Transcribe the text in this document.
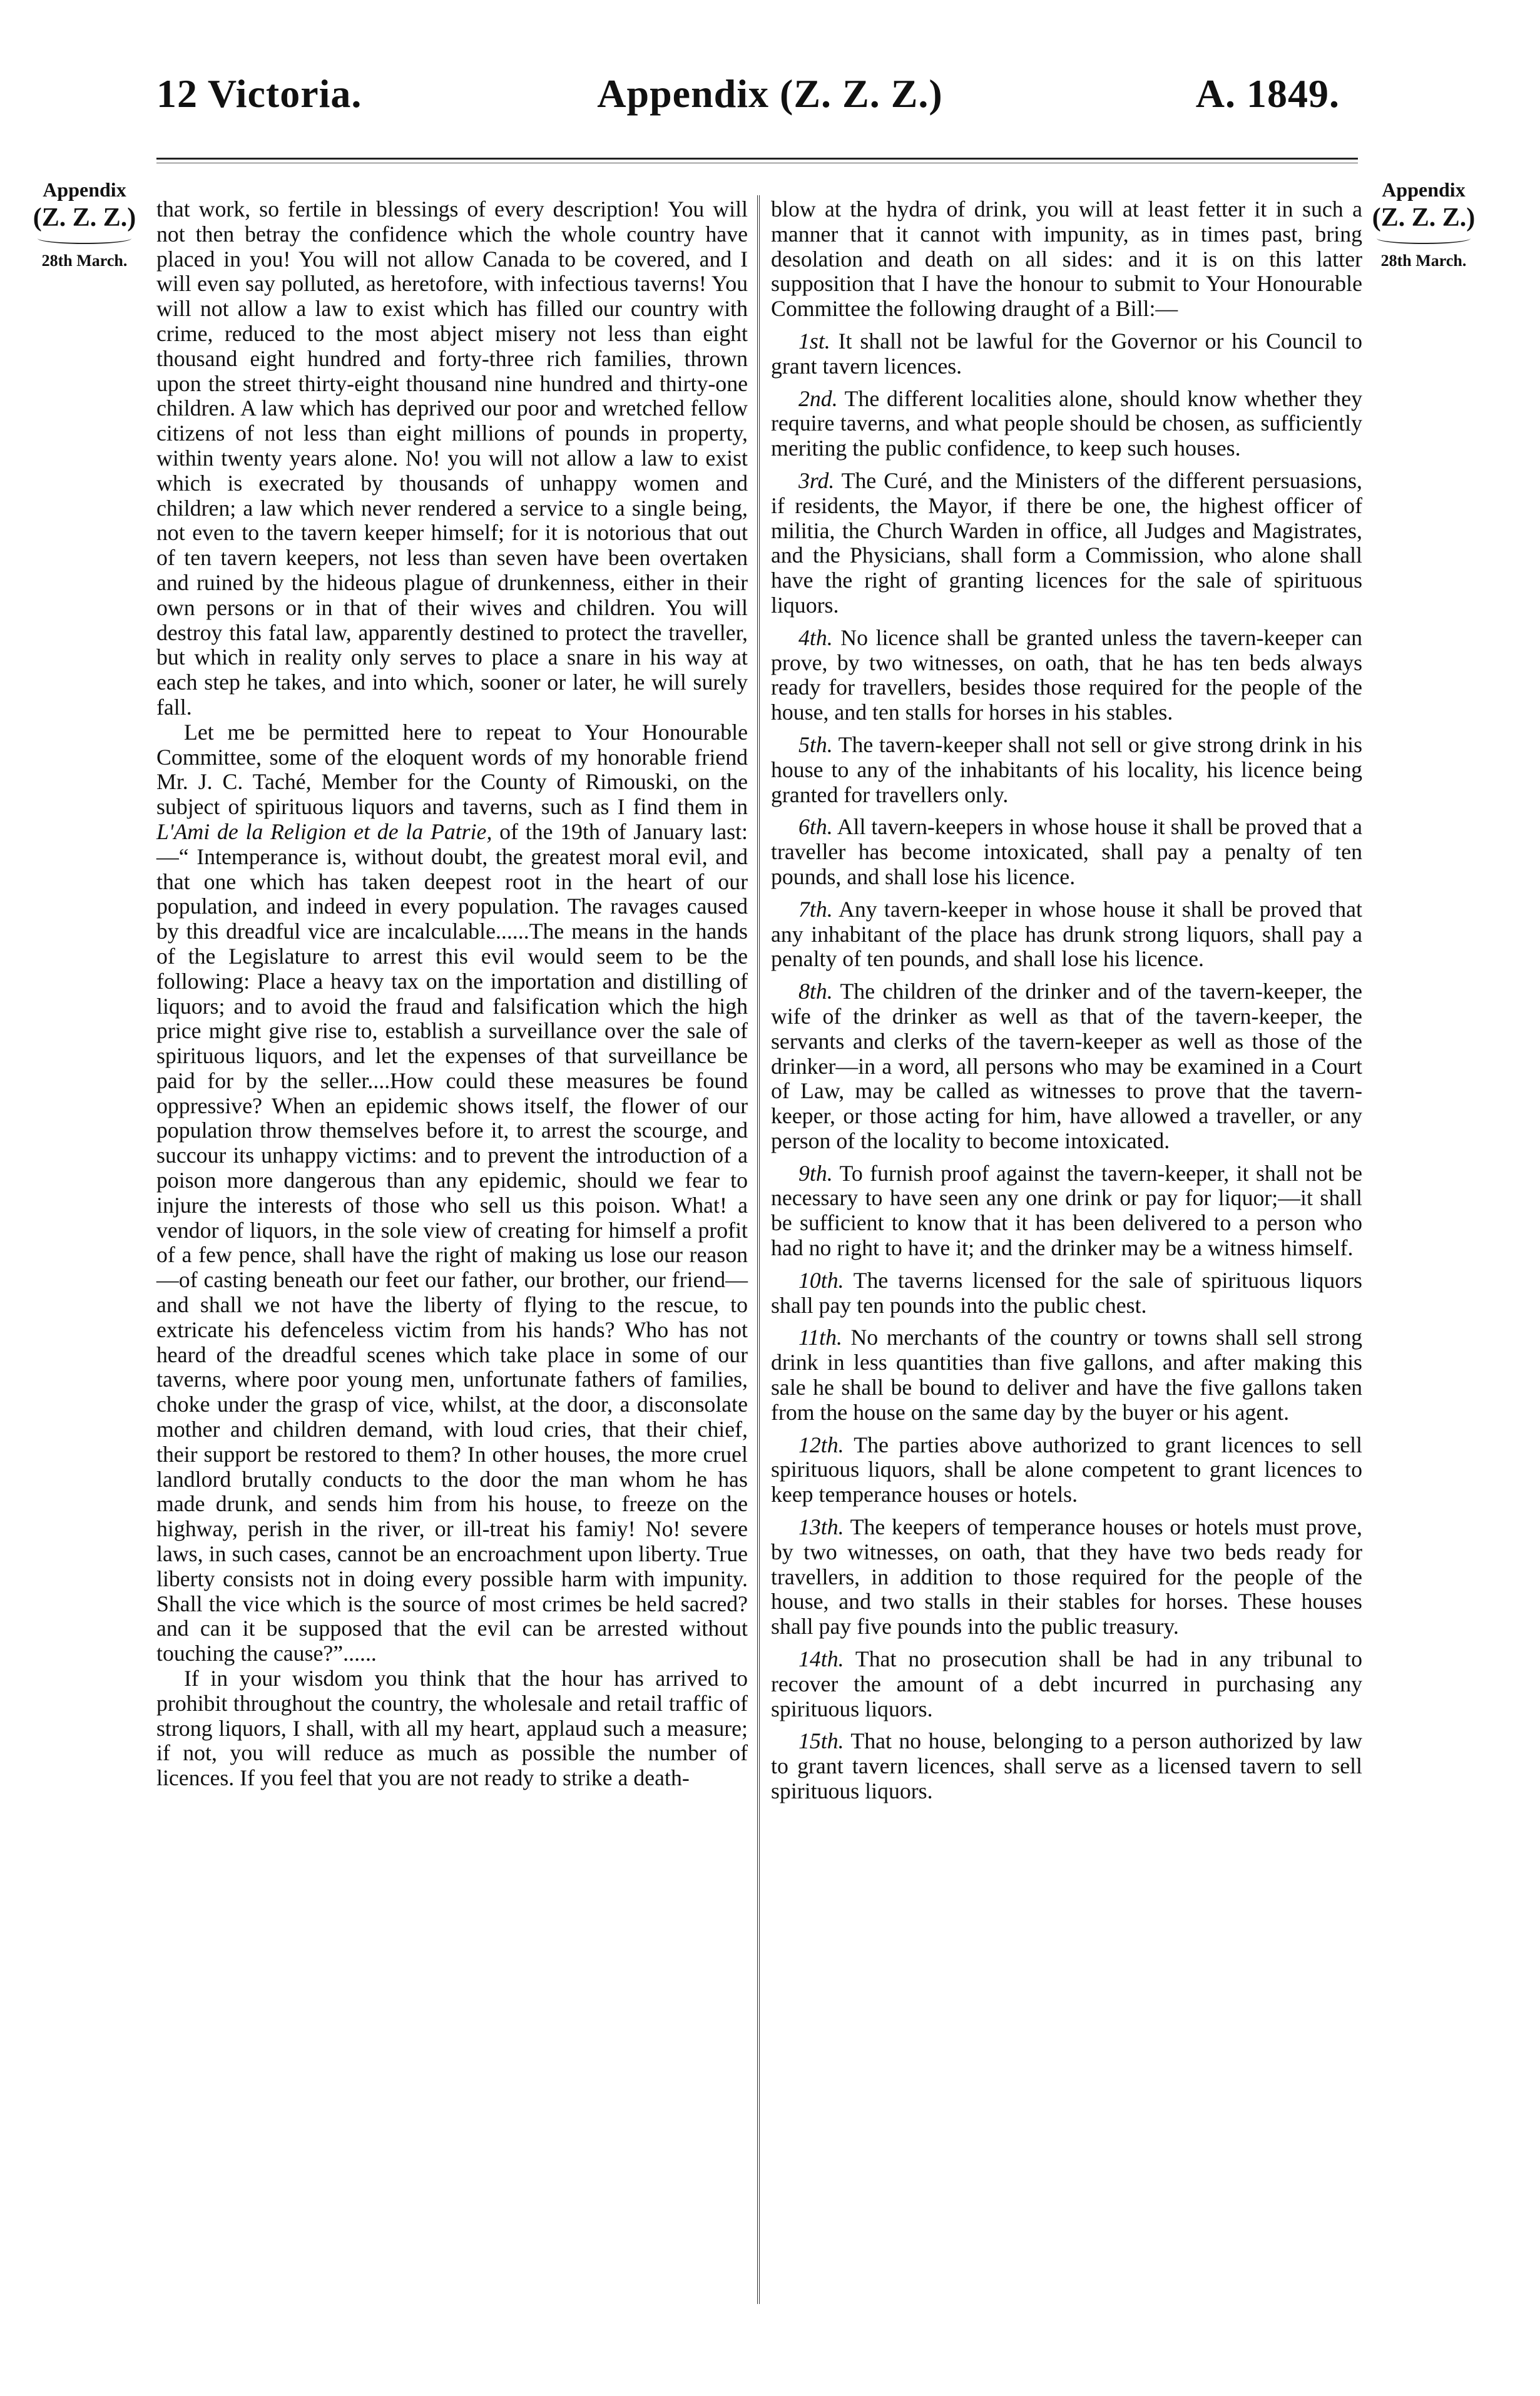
Appendix (Z. Z. Z.)
12 Victoria.	A. 1849.
Appendix
(Z. Z. Z.)
28th March.
Appendix
(Z. Z. Z.)
28th March.

that work, so fertile in blessings of every description! You will not then betray the confidence which the whole country have placed in you! You will not allow Canada to be covered, and I will even say polluted, as heretofore, with infectious taverns! You will not allow a law to exist which has filled our country with crime, reduced to the most abject misery not less than eight thousand eight hundred and forty-three rich families, thrown upon the street thirty-eight thousand nine hundred and thirty-one children. A law which has deprived our poor and wretched fellow citizens of not less than eight millions of pounds in property, within twenty years alone. No! you will not allow a law to exist which is execrated by thousands of unhappy women and children; a law which never rendered a service to a single being, not even to the tavern keeper himself; for it is notorious that out of ten tavern keepers, not less than seven have been overtaken and ruined by the hideous plague of drunkenness, either in their own persons or in that of their wives and children. You will destroy this fatal law, apparently destined to protect the traveller, but which in reality only serves to place a snare in his way at each step he takes, and into which, sooner or later, he will surely fall.

Let me be permitted here to repeat to Your Honourable Committee, some of the eloquent words of my honorable friend Mr. J. C. Taché, Member for the County of Rimouski, on the subject of spirituous liquors and taverns, such as I find them in L'Ami de la Religion et de la Patrie, of the 19th of January last:—“ Intemperance is, without doubt, the greatest moral evil, and that one which has taken deepest root in the heart of our population, and indeed in every population. The ravages caused by this dreadful vice are incalculable......The means in the hands of the Legislature to arrest this evil would seem to be the following: Place a heavy tax on the importation and distilling of liquors; and to avoid the fraud and falsification which the high price might give rise to, establish a surveillance over the sale of spirituous liquors, and let the expenses of that surveillance be paid for by the seller....How could these measures be found oppressive? When an epidemic shows itself, the flower of our population throw themselves before it, to arrest the scourge, and succour its unhappy victims: and to prevent the introduction of a poison more dangerous than any epidemic, should we fear to injure the interests of those who sell us this poison. What! a vendor of liquors, in the sole view of creating for himself a profit of a few pence, shall have the right of making us lose our reason—of casting beneath our feet our father, our brother, our friend—and shall we not have the liberty of flying to the rescue, to extricate his defenceless victim from his hands? Who has not heard of the dreadful scenes which take place in some of our taverns, where poor young men, unfortunate fathers of families, choke under the grasp of vice, whilst, at the door, a disconsolate mother and children demand, with loud cries, that their chief, their support be restored to them? In other houses, the more cruel landlord brutally conducts to the door the man whom he has made drunk, and sends him from his house, to freeze on the highway, perish in the river, or ill-treat his famiy! No! severe laws, in such cases, cannot be an encroachment upon liberty. True liberty consists not in doing every possible harm with impunity. Shall the vice which is the source of most crimes be held sacred? and can it be supposed that the evil can be arrested without touching the cause?”......

If in your wisdom you think that the hour has arrived to prohibit throughout the country, the wholesale and retail traffic of strong liquors, I shall, with all my heart, applaud such a measure; if not, you will reduce as much as possible the number of licences. If you feel that you are not ready to strike a death-

blow at the hydra of drink, you will at least fetter it in such a manner that it cannot with impunity, as in times past, bring desolation and death on all sides: and it is on this latter supposition that I have the honour to submit to Your Honourable Committee the following draught of a Bill:—

1st. It shall not be lawful for the Governor or his Council to grant tavern licences.

2nd. The different localities alone, should know whether they require taverns, and what people should be chosen, as sufficiently meriting the public confidence, to keep such houses.

3rd. The Curé, and the Ministers of the different persuasions, if residents, the Mayor, if there be one, the highest officer of militia, the Church Warden in office, all Judges and Magistrates, and the Physicians, shall form a Commission, who alone shall have the right of granting licences for the sale of spirituous liquors.

4th. No licence shall be granted unless the tavern-keeper can prove, by two witnesses, on oath, that he has ten beds always ready for travellers, besides those required for the people of the house, and ten stalls for horses in his stables.

5th. The tavern-keeper shall not sell or give strong drink in his house to any of the inhabitants of his locality, his licence being granted for travellers only.

6th. All tavern-keepers in whose house it shall be proved that a traveller has become intoxicated, shall pay a penalty of ten pounds, and shall lose his licence.

7th. Any tavern-keeper in whose house it shall be proved that any inhabitant of the place has drunk strong liquors, shall pay a penalty of ten pounds, and shall lose his licence.

8th. The children of the drinker and of the tavern-keeper, the wife of the drinker as well as that of the tavern-keeper, the servants and clerks of the tavern-keeper as well as those of the drinker—in a word, all persons who may be examined in a Court of Law, may be called as witnesses to prove that the tavern-keeper, or those acting for him, have allowed a traveller, or any person of the locality to become intoxicated.

9th. To furnish proof against the tavern-keeper, it shall not be necessary to have seen any one drink or pay for liquor;—it shall be sufficient to know that it has been delivered to a person who had no right to have it; and the drinker may be a witness himself.

10th. The taverns licensed for the sale of spirituous liquors shall pay ten pounds into the public chest.

11th. No merchants of the country or towns shall sell strong drink in less quantities than five gallons, and after making this sale he shall be bound to deliver and have the five gallons taken from the house on the same day by the buyer or his agent.

12th. The parties above authorized to grant licences to sell spirituous liquors, shall be alone competent to grant licences to keep temperance houses or hotels.

13th. The keepers of temperance houses or hotels must prove, by two witnesses, on oath, that they have two beds ready for travellers, in addition to those required for the people of the house, and two stalls in their stables for horses. These houses shall pay five pounds into the public treasury.

14th. That no prosecution shall be had in any tribunal to recover the amount of a debt incurred in purchasing any spirituous liquors.

15th. That no house, belonging to a person authorized by law to grant tavern licences, shall serve as a licensed tavern to sell spirituous liquors.
